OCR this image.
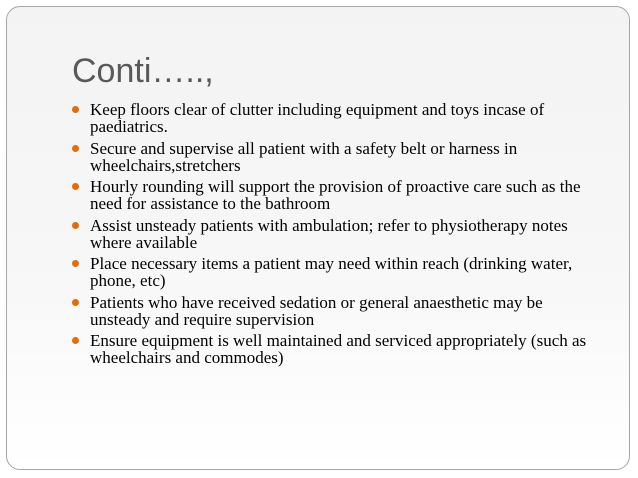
Conti…..,
Keep floors clear of clutter including equipment and toys incase of paediatrics.
Secure and supervise all patient with a safety belt or harness in wheelchairs,stretchers
Hourly rounding will support the provision of proactive care such as the need for assistance to the bathroom
Assist unsteady patients with ambulation; refer to physiotherapy notes where available
Place necessary items a patient may need within reach (drinking water, phone, etc)
Patients who have received sedation or general anaesthetic may be unsteady and require supervision
Ensure equipment is well maintained and serviced appropriately (such as wheelchairs and commodes)
